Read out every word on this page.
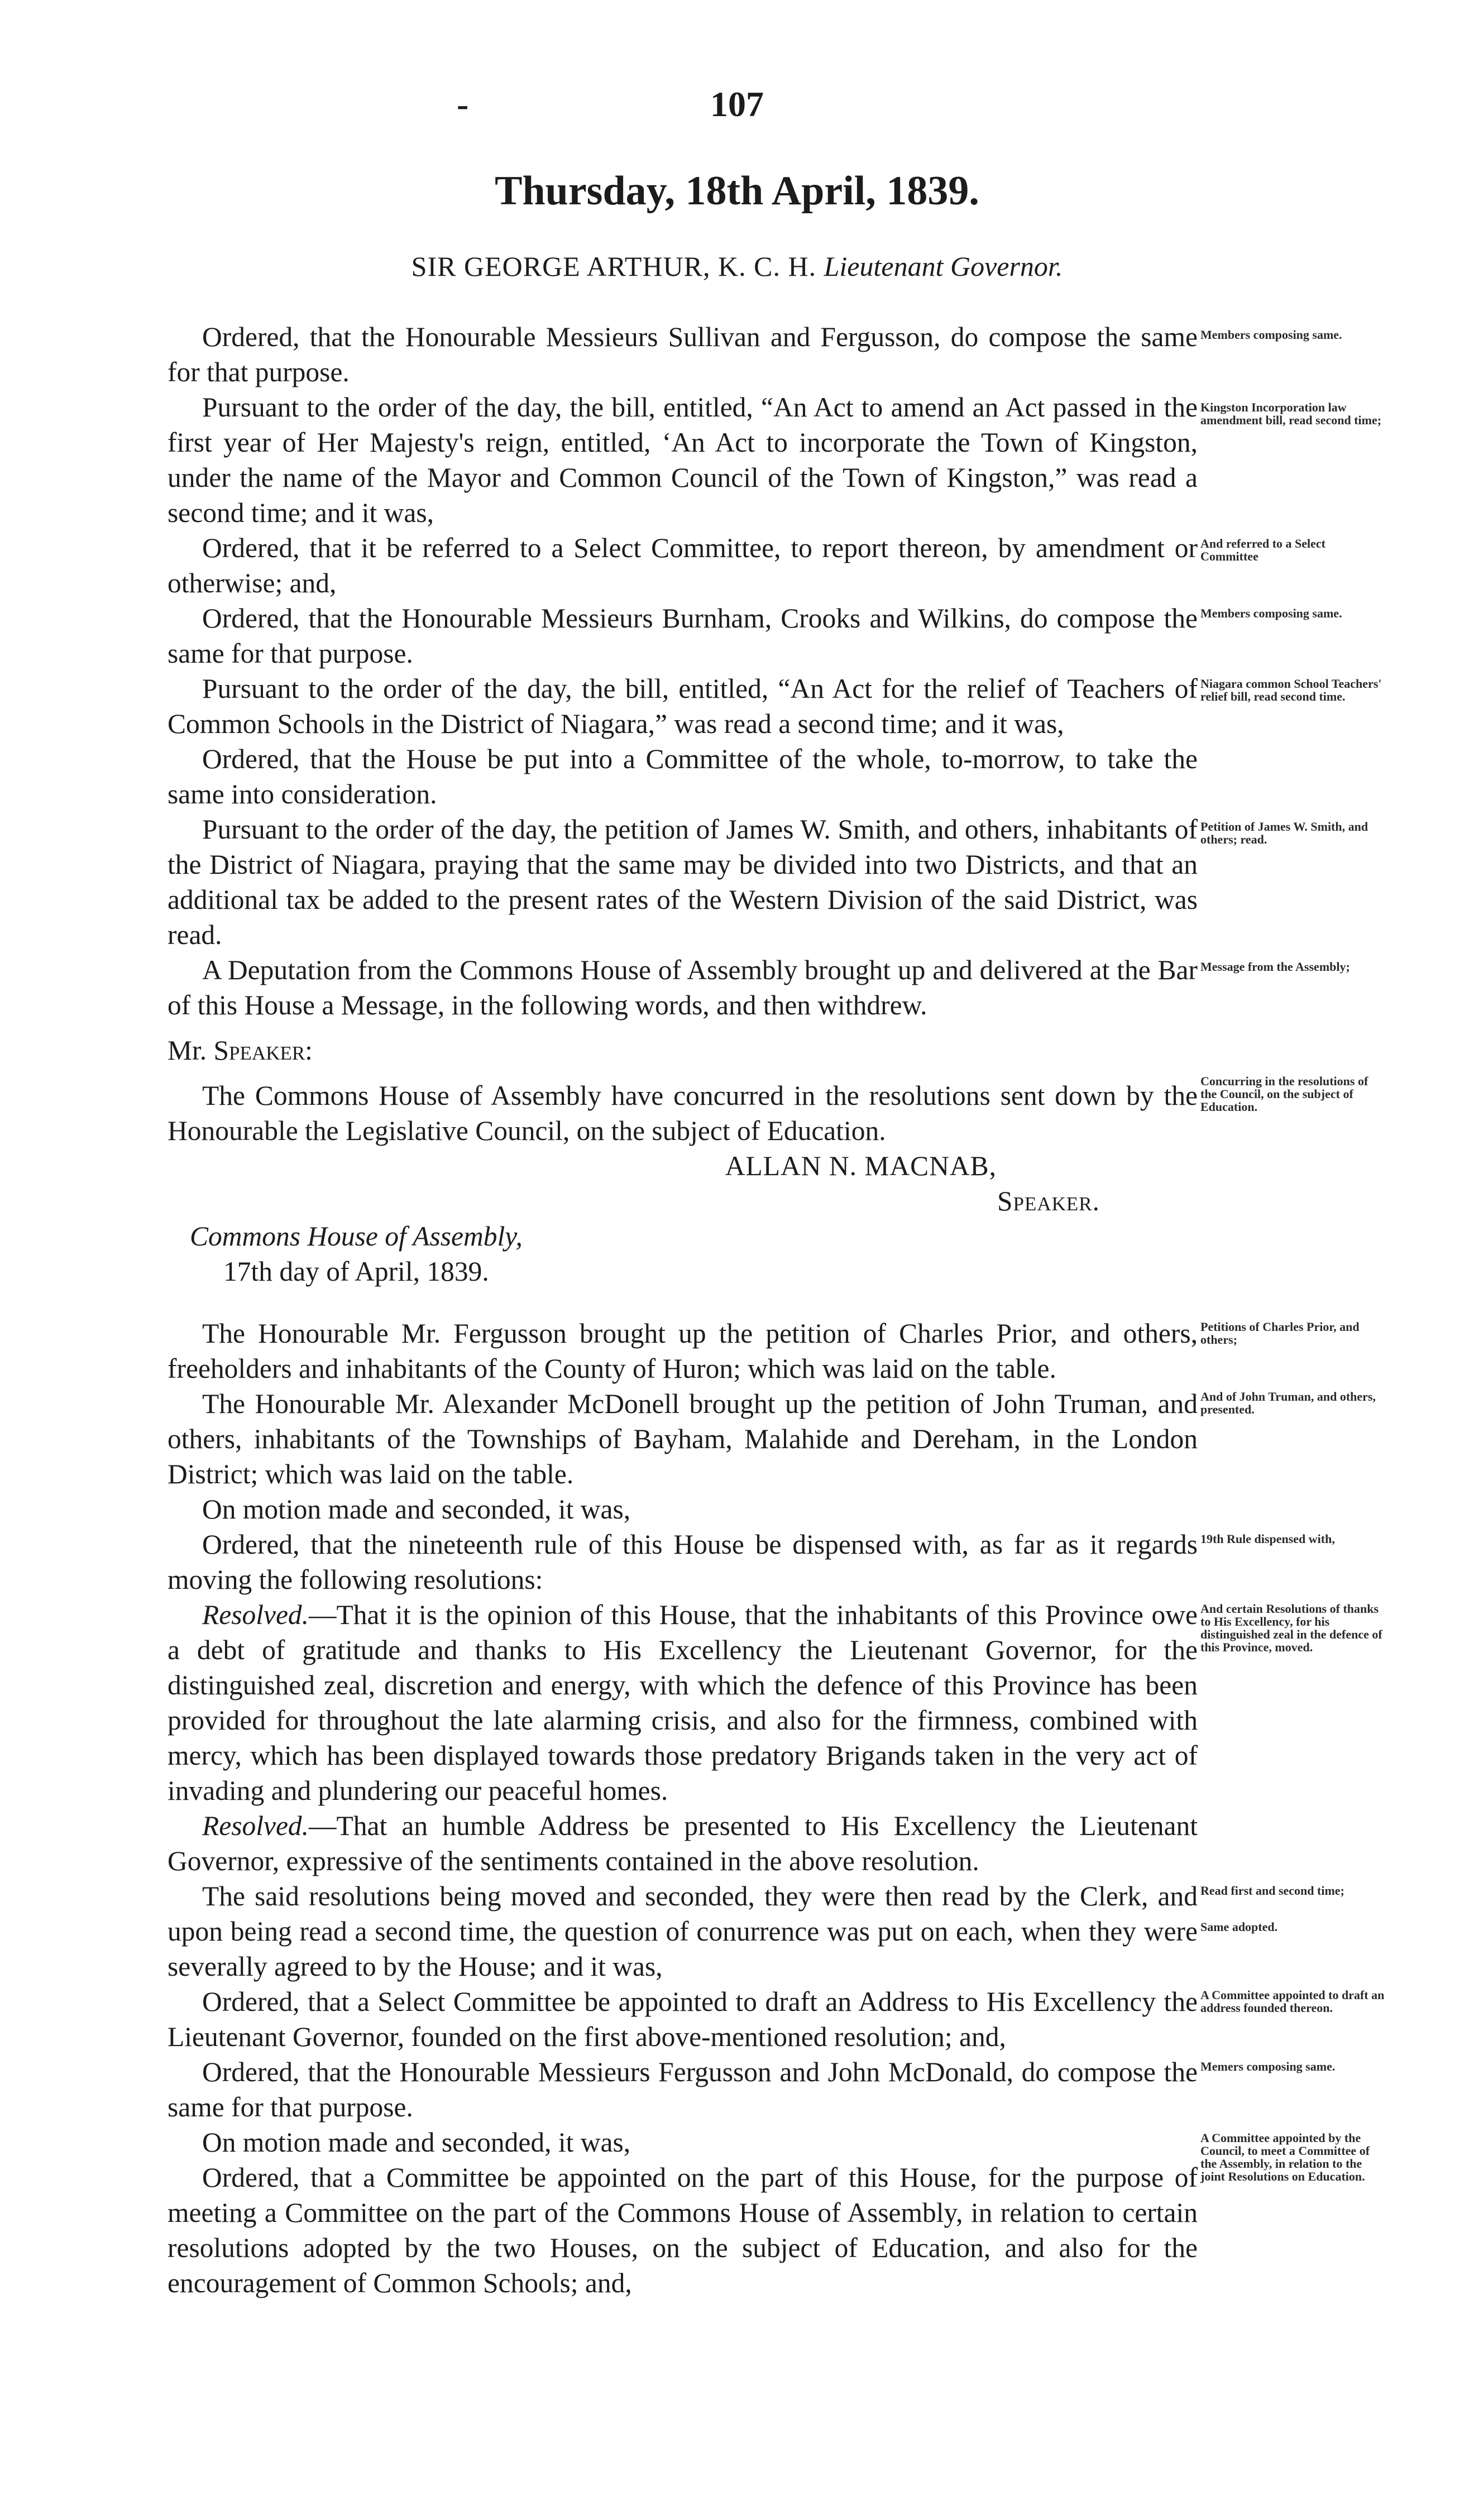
-	107
Thursday, 18th April, 1839.
SIR GEORGE ARTHUR, K. C. H. Lieutenant Governor.

Ordered, that the Honourable Messieurs Sullivan and Fergusson, do compose the same for that purpose.

Pursuant to the order of the day, the bill, entitled, “An Act to amend an Act passed in the first year of Her Majesty's reign, entitled, ‘An Act to incorporate the Town of Kingston, under the name of the Mayor and Common Council of the Town of Kingston,” was read a second time; and it was,

Ordered, that it be referred to a Select Committee, to report thereon, by amendment or otherwise; and,

Ordered, that the Honourable Messieurs Burnham, Crooks and Wilkins, do compose the same for that purpose.

Pursuant to the order of the day, the bill, entitled, “An Act for the relief of Teachers of Common Schools in the District of Niagara,” was read a second time; and it was,

Ordered, that the House be put into a Committee of the whole, to-morrow, to take the same into consideration.

Pursuant to the order of the day, the petition of James W. Smith, and others, inhabitants of the District of Niagara, praying that the same may be divided into two Districts, and that an additional tax be added to the present rates of the Western Division of the said District, was read.

A Deputation from the Commons House of Assembly brought up and delivered at the Bar of this House a Message, in the following words, and then withdrew.

Mr. Speaker:

The Commons House of Assembly have concurred in the resolutions sent down by the Honourable the Legislative Council, on the subject of Education.

ALLAN N. MACNAB,

Speaker.

Commons House of Assembly,

17th day of April, 1839.

The Honourable Mr. Fergusson brought up the petition of Charles Prior, and others, freeholders and inhabitants of the County of Huron; which was laid on the table.

The Honourable Mr. Alexander McDonell brought up the petition of John Truman, and others, inhabitants of the Townships of Bayham, Malahide and Dereham, in the London District; which was laid on the table.

On motion made and seconded, it was,

Ordered, that the nineteenth rule of this House be dispensed with, as far as it regards moving the following resolutions:

Resolved.—That it is the opinion of this House, that the inhabitants of this Province owe a debt of gratitude and thanks to His Excellency the Lieutenant Governor, for the distinguished zeal, discretion and energy, with which the defence of this Province has been provided for throughout the late alarming crisis, and also for the firmness, combined with mercy, which has been displayed towards those predatory Brigands taken in the very act of invading and plundering our peaceful homes.

Resolved.—That an humble Address be presented to His Excellency the Lieutenant Governor, expressive of the sentiments contained in the above resolution.

The said resolutions being moved and seconded, they were then read by the Clerk, and upon being read a second time, the question of conurrence was put on each, when they were severally agreed to by the House; and it was,

Ordered, that a Select Committee be appointed to draft an Address to His Excellency the Lieutenant Governor, founded on the first above-mentioned resolution; and,

Ordered, that the Honourable Messieurs Fergusson and John McDonald, do compose the same for that purpose.

On motion made and seconded, it was,

Ordered, that a Committee be appointed on the part of this House, for the purpose of meeting a Committee on the part of the Commons House of Assembly, in relation to certain resolutions adopted by the two Houses, on the subject of Education, and also for the encouragement of Common Schools; and,

Members composing same.
Kingston Incorporation law amendment bill, read second time;
And referred to a Select Committee
Members composing same.
Niagara common School Teachers' relief bill, read second time.
Petition of James W. Smith, and others; read.
Message from the Assembly;
Concurring in the resolutions of the Council, on the subject of Education.
Petitions of Charles Prior, and others;
And of John Truman, and others, presented.
19th Rule dispensed with,
And certain Resolutions of thanks to His Excellency, for his distinguished zeal in the defence of this Province, moved.
Read first and second time;
Same adopted.
A Committee appointed to draft an address founded thereon.
Memers composing same.
A Committee appointed by the Council, to meet a Committee of the Assembly, in relation to the joint Resolutions on Education.
